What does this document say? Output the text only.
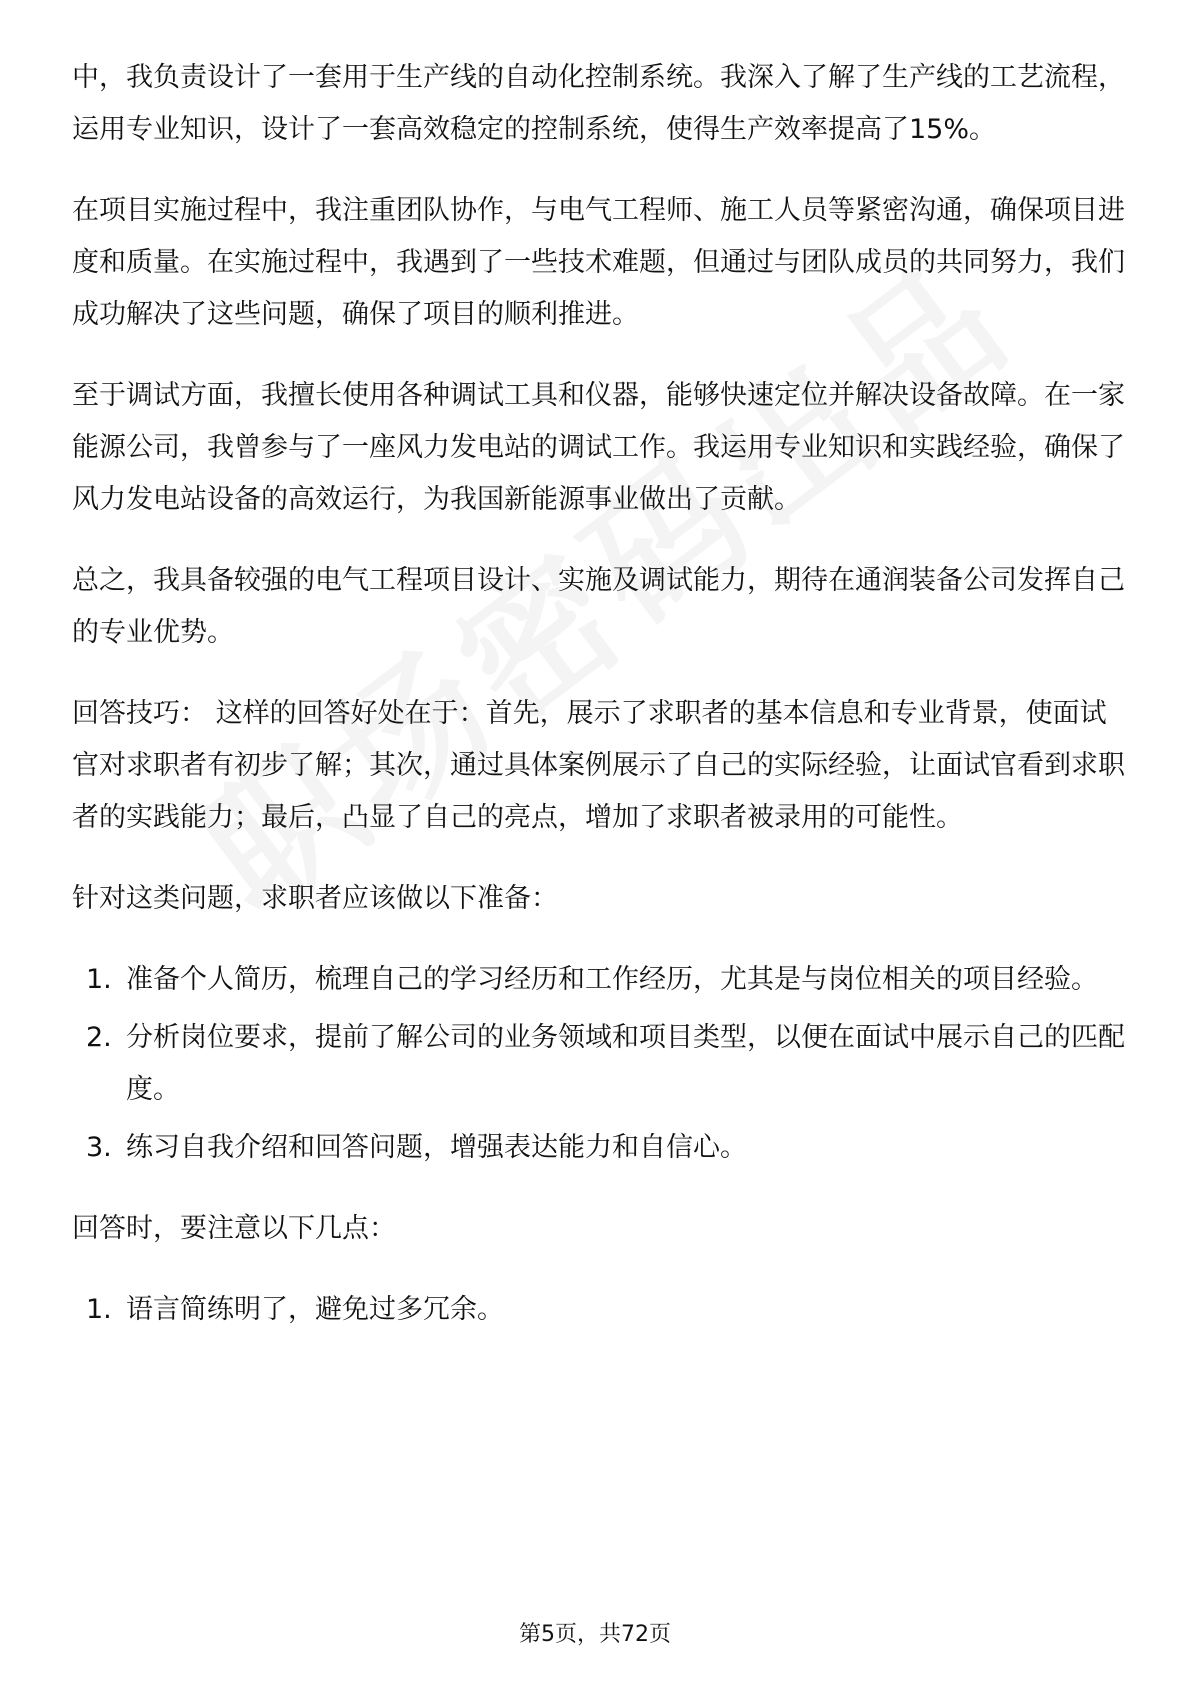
中，我负责设计了一套用于生产线的自动化控制系统。我深入了解了生产线的工艺流程，运用专业知识，设计了一套高效稳定的控制系统，使得生产效率提高了15%。

在项目实施过程中，我注重团队协作，与电气工程师、施工人员等紧密沟通，确保项目进度和质量。在实施过程中，我遇到了一些技术难题，但通过与团队成员的共同努力，我们成功解决了这些问题，确保了项目的顺利推进。

至于调试方面，我擅长使用各种调试工具和仪器，能够快速定位并解决设备故障。在一家能源公司，我曾参与了一座风力发电站的调试工作。我运用专业知识和实践经验，确保了风力发电站设备的高效运行，为我国新能源事业做出了贡献。

总之，我具备较强的电气工程项目设计、实施及调试能力，期待在通润装备公司发挥自己的专业优势。

回答技巧： 这样的回答好处在于：首先，展示了求职者的基本信息和专业背景，使面试官对求职者有初步了解；其次，通过具体案例展示了自己的实际经验，让面试官看到求职者的实践能力；最后，凸显了自己的亮点，增加了求职者被录用的可能性。

针对这类问题，求职者应该做以下准备：

1. 准备个人简历，梳理自己的学习经历和工作经历，尤其是与岗位相关的项目经验。
2. 分析岗位要求，提前了解公司的业务领域和项目类型，以便在面试中展示自己的匹配度。
3. 练习自我介绍和回答问题，增强表达能力和自信心。

回答时，要注意以下几点：

1. 语言简练明了，避免过多冗余。
第5页，共72页
